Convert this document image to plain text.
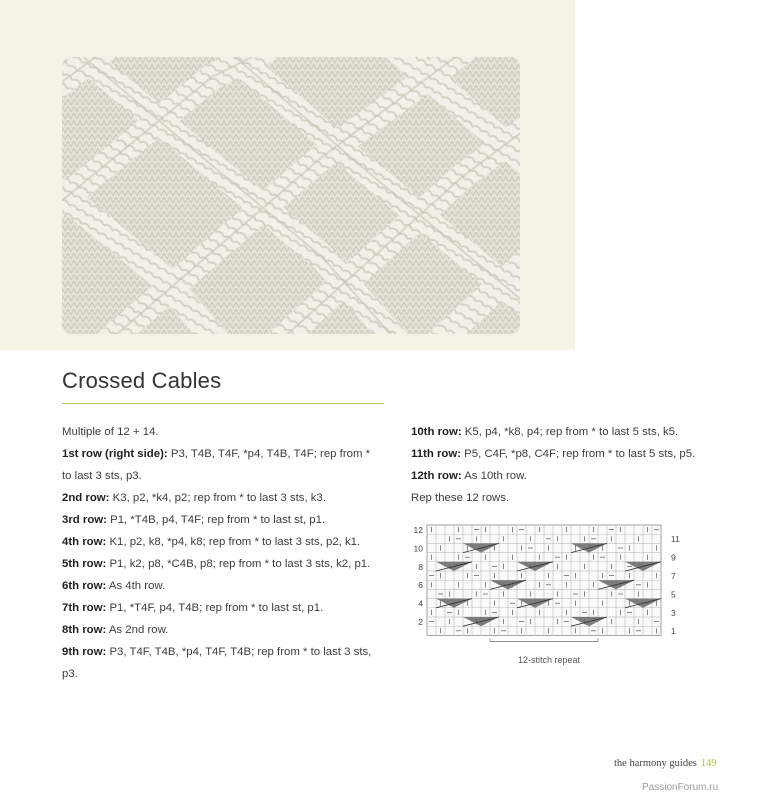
Crossed Cables

Multiple of 12 + 14.

1st row (right side): P3, T4B, T4F, *p4, T4B, T4F; rep from * to last 3 sts, p3.

2nd row: K3, p2, *k4, p2; rep from * to last 3 sts, k3.

3rd row: P1, *T4B, p4, T4F; rep from * to last st, p1.

4th row: K1, p2, k8, *p4, k8; rep from * to last 3 sts, p2, k1.

5th row: P1, k2, p8, *C4B, p8; rep from * to last 3 sts, k2, p1.

6th row: As 4th row.

7th row: P1, *T4F, p4, T4B; rep from * to last st, p1.

8th row: As 2nd row.

9th row: P3, T4F, T4B, *p4, T4F, T4B; rep from * to last 3 sts, p3.

10th row: K5, p4, *k8, p4; rep from * to last 5 sts, k5.

11th row: P5, C4F, *p8, C4F; rep from * to last 5 sts, p5.

12th row: As 10th row.

Rep these 12 rows.

12
10
8
6
4
2
11
9
7
5
3
1
12-stitch repeat
the harmony guides 149
PassionForum.ru
